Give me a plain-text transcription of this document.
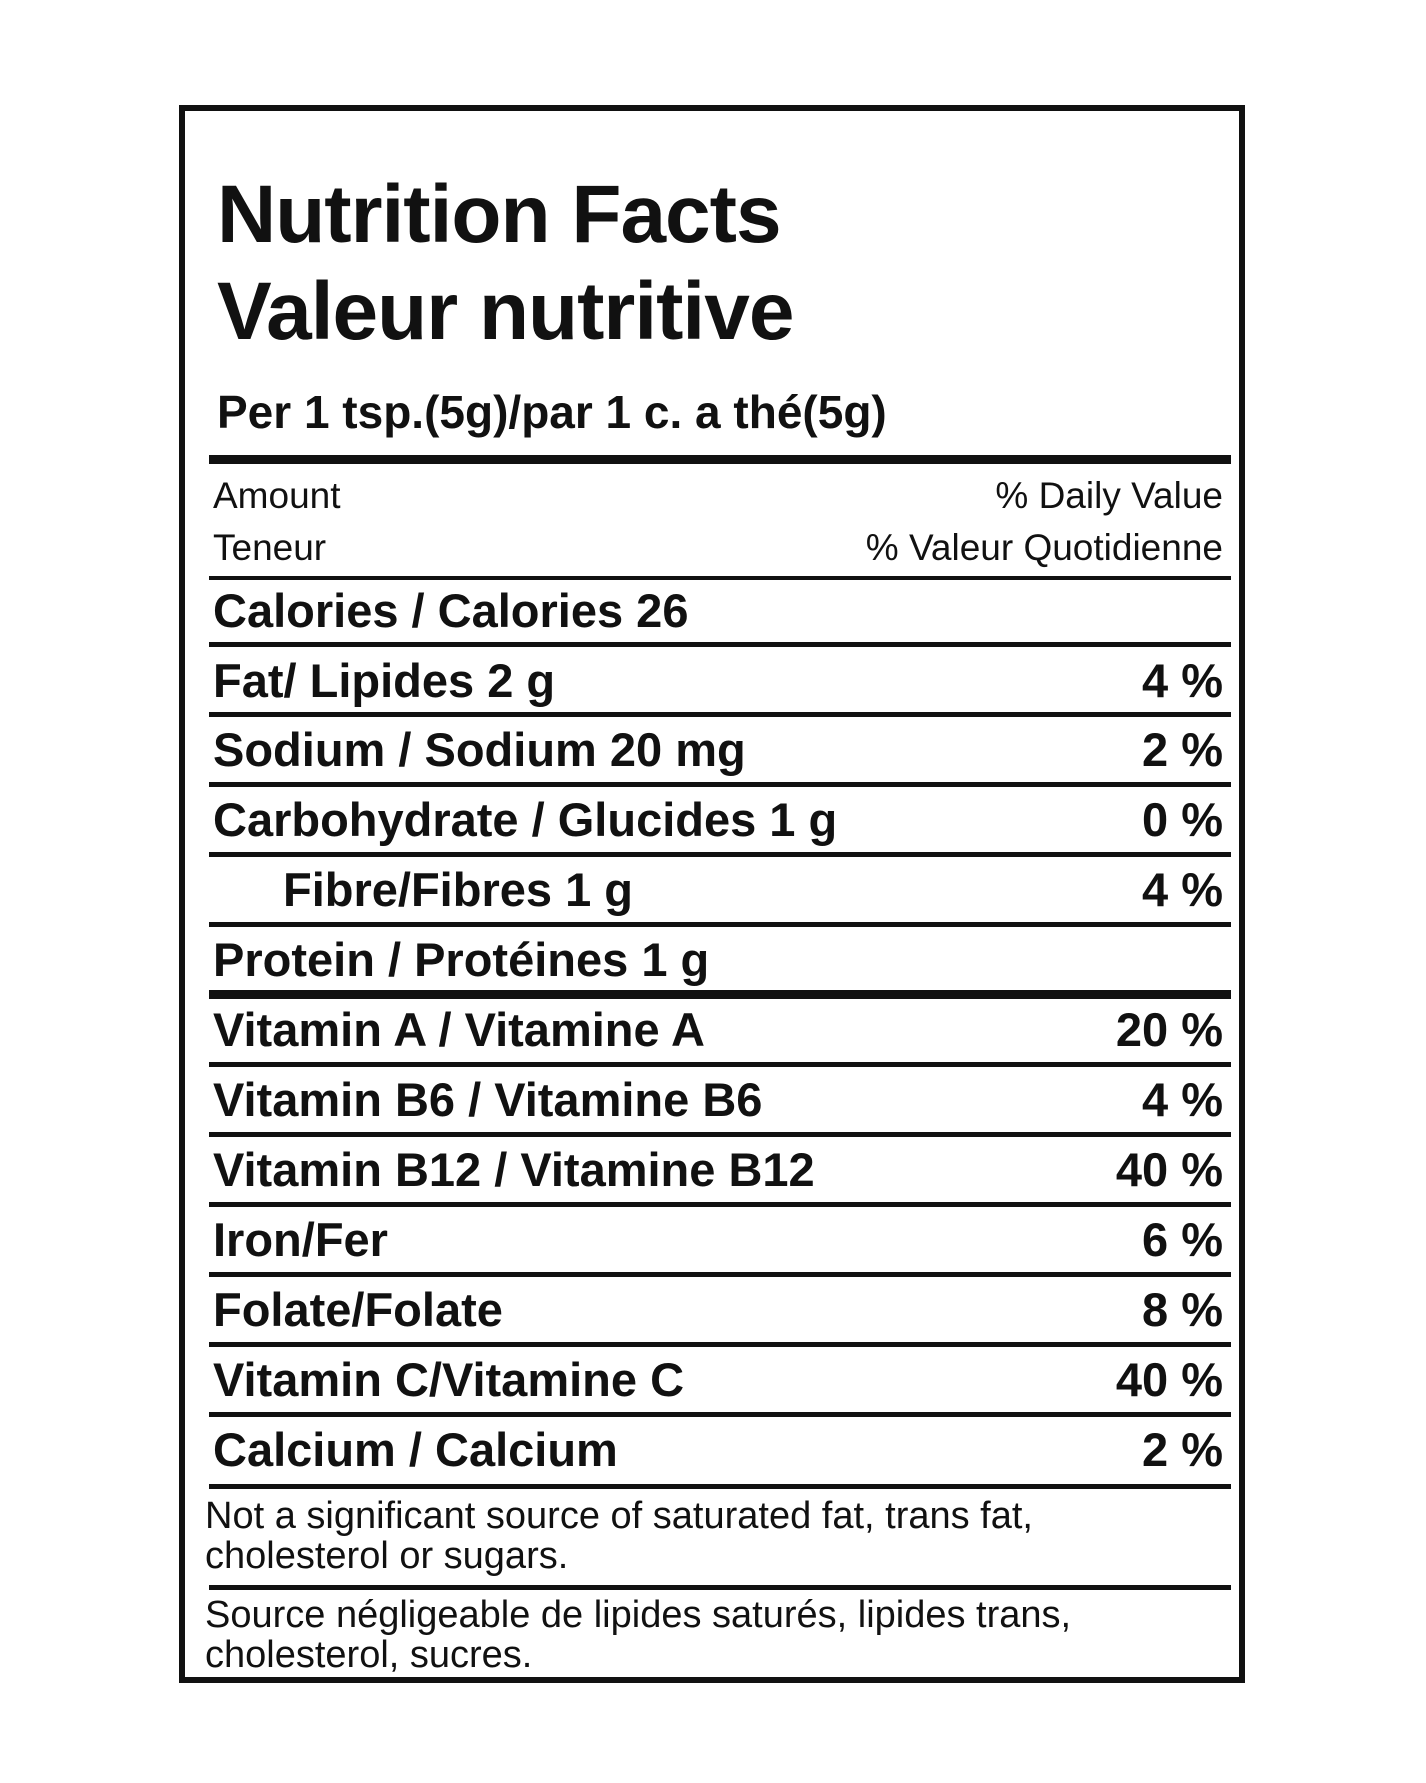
Nutrition Facts
Valeur nutritive
Per 1 tsp.(5g)/par 1 c. a thé(5g)
Amount	% Daily Value
Teneur	% Valeur Quotidienne
Calories / Calories 26
Fat/ Lipides 2 g	4 %
Sodium / Sodium 20 mg	2 %
Carbohydrate / Glucides 1 g	0 %
Fibre/Fibres 1 g	4 %
Protein / Protéines 1 g
Vitamin A / Vitamine A	20 %
Vitamin B6 / Vitamine B6	4 %
Vitamin B12 / Vitamine B12	40 %
Iron/Fer	6 %
Folate/Folate	8 %
Vitamin C/Vitamine C	40 %
Calcium / Calcium	2 %
Not a significant source of saturated fat, trans fat, cholesterol or sugars.
Source négligeable de lipides saturés, lipides trans, cholesterol, sucres.
